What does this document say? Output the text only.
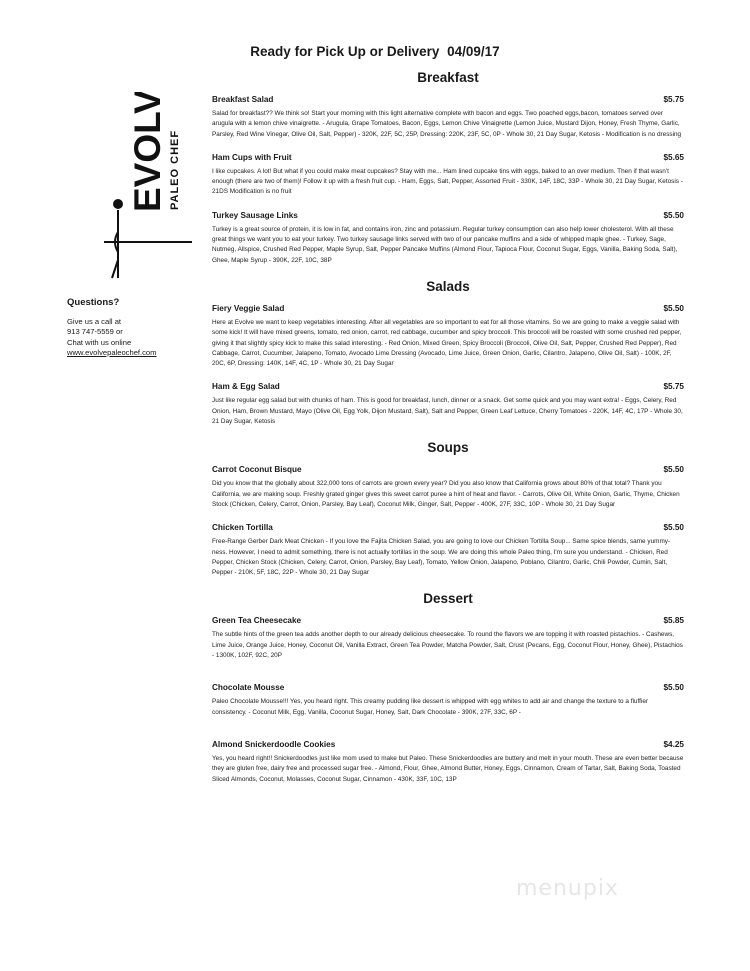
Ready for Pick Up or Delivery 04/09/17
EVOLVE PALEO CHEF
Questions?
Give us a call at
913 747-5559 or
Chat with us online
www.evolvepaleochef.com
Breakfast
Breakfast Salad	$5.75
Salad for breakfast?? We think so! Start your morning with this light alternative complete with bacon and eggs. Two poached eggs,bacon, tomatoes served over arugula with a lemon chive vinaigrette. - Arugula, Grape Tomatoes, Bacon, Eggs, Lemon Chive Vinaigrette (Lemon Juice, Mustard Dijon, Honey, Fresh Thyme, Garlic, Parsley, Red Wine Vinegar, Olive Oil, Salt, Pepper) - 320K, 22F, 5C, 25P, Dressing: 220K, 23F, 5C, 0P - Whole 30, 21 Day Sugar, Ketosis - Modification is no dressing
Ham Cups with Fruit	$5.65
I like cupcakes. A lot! But what if you could make meat cupcakes? Stay with me... Ham lined cupcake tins with eggs, baked to an over medium. Then if that wasn't enough (there are two of them)! Follow it up with a fresh fruit cup. - Ham, Eggs, Salt, Pepper, Assorted Fruit - 330K, 14F, 18C, 33P - Whole 30, 21 Day Sugar, Ketosis - 21DS Modification is no fruit
Turkey Sausage Links	$5.50
Turkey is a great source of protein, it is low in fat, and contains iron, zinc and potassium. Regular turkey consumption can also help lower cholesterol. With all these great things we want you to eat your turkey. Two turkey sausage links served with two of our pancake muffins and a side of whipped maple ghee. - Turkey, Sage, Nutmeg, Allspice, Crushed Red Pepper, Maple Syrup, Salt, Pepper Pancake Muffins (Almond Flour, Tapioca Flour, Coconut Sugar, Eggs, Vanilla, Baking Soda, Salt), Ghee, Maple Syrup - 390K, 22F, 10C, 38P
Salads
Fiery Veggie Salad	$5.50
Here at Evolve we want to keep vegetables interesting. After all vegetables are so important to eat for all those vitamins. So we are going to make a veggie salad with some kick! It will have mixed greens, tomato, red onion, carrot, red cabbage, cucumber and spicy broccoli. This broccoli will be roasted with some crushed red pepper, giving it that slightly spicy kick to make this salad interesting. - Red Onion, Mixed Green, Spicy Broccoli (Broccoli, Olive Oil, Salt, Pepper, Crushed Red Pepper), Red Cabbage, Carrot, Cucumber, Jalapeno, Tomato, Avocado Lime Dressing (Avocado, Lime Juice, Green Onion, Garlic, Cilantro, Jalapeno, Olive Oil, Salt) - 100K, 2F, 20C, 6P, Dressing: 140K, 14F, 4C, 1P - Whole 30, 21 Day Sugar
Ham & Egg Salad	$5.75
Just like regular egg salad but with chunks of ham. This is good for breakfast, lunch, dinner or a snack. Get some quick and you may want extra! - Eggs, Celery, Red Onion, Ham, Brown Mustard, Mayo (Olive Oil, Egg Yolk, Dijon Mustard, Salt), Salt and Pepper, Green Leaf Lettuce, Cherry Tomatoes - 220K, 14F, 4C, 17P - Whole 30, 21 Day Sugar, Ketosis
Soups
Carrot Coconut Bisque	$5.50
Did you know that the globally about 322,000 tons of carrots are grown every year? Did you also know that California grows about 80% of that total? Thank you California, we are making soup. Freshly grated ginger gives this sweet carrot puree a hint of heat and flavor. - Carrots, Olive Oil, White Onion, Garlic, Thyme, Chicken Stock (Chicken, Celery, Carrot, Onion, Parsley, Bay Leaf), Coconut Milk, Ginger, Salt, Pepper - 400K, 27F, 33C, 10P - Whole 30, 21 Day Sugar
Chicken Tortilla	$5.50
Free-Range Gerber Dark Meat Chicken - If you love the Fajita Chicken Salad, you are going to love our Chicken Tortilla Soup... Same spice blends, same yummy-ness. However, I need to admit something, there is not actually tortillas in the soup. We are doing this whole Paleo thing, I'm sure you understand. - Chicken, Red Pepper, Chicken Stock (Chicken, Celery, Carrot, Onion, Parsley, Bay Leaf), Tomato, Yellow Onion, Jalapeno, Poblano, Cilantro, Garlic, Chili Powder, Cumin, Salt, Pepper - 210K, 5F, 18C, 22P - Whole 30, 21 Day Sugar
Dessert
Green Tea Cheesecake	$5.85
The subtle hints of the green tea adds another depth to our already delicious cheesecake. To round the flavors we are topping it with roasted pistachios. - Cashews, Lime Juice, Orange Juice, Honey, Coconut Oil, Vanilla Extract, Green Tea Powder, Matcha Powder, Salt, Crust (Pecans, Egg, Coconut Flour, Honey, Ghee), Pistachios - 1300K, 102F, 92C, 20P
Chocolate Mousse	$5.50
Paleo Chocolate Mousse!!! Yes, you heard right. This creamy pudding like dessert is whipped with egg whites to add air and change the texture to a fluffier consistency. - Coconut Milk, Egg, Vanilla, Coconut Sugar, Honey, Salt, Dark Chocolate - 390K, 27F, 33C, 6P -
Almond Snickerdoodle Cookies	$4.25
Yes, you heard right!! Snickerdoodles just like mom used to make but Paleo. These Snickerdoodles are buttery and melt in your mouth. These are even better because they are gluten free, dairy free and processed sugar free. - Almond, Flour, Ghee, Almond Butter, Honey, Eggs, Cinnamon, Cream of Tartar, Salt, Baking Soda, Toasted Sliced Almonds, Coconut, Molasses, Coconut Sugar, Cinnamon - 430K, 33F, 10C, 13P
menupix
